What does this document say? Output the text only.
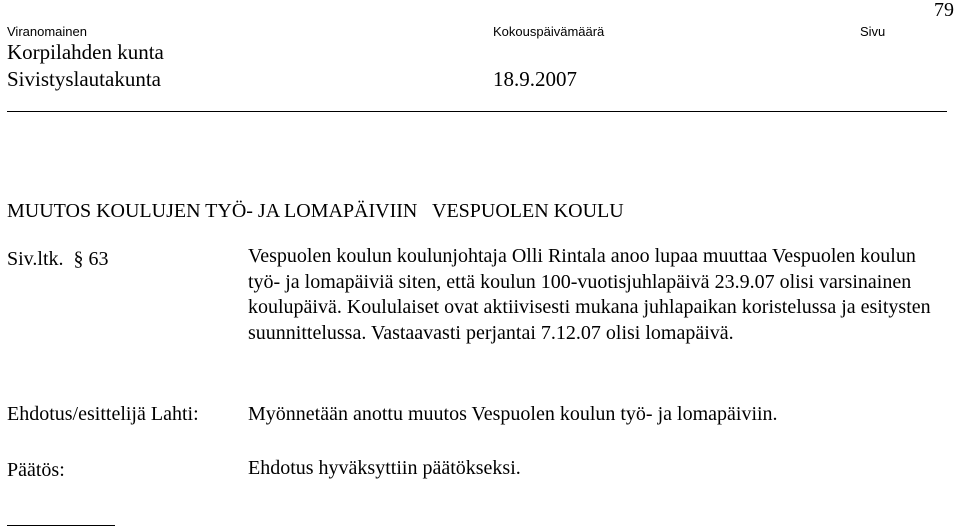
79
Viranomainen	Kokouspäivämäärä	Sivu
Korpilahden kunta
Sivistyslautakunta	18.9.2007
MUUTOS KOULUJEN TYÖ- JA LOMAPÄIVIIN   VESPUOLEN KOULU
Siv.ltk.  § 63	Vespuolen koulun koulunjohtaja Olli Rintala anoo lupaa muuttaa Vespuolen koulun työ- ja lomapäiviä siten, että koulun 100-vuotisjuhlapäivä 23.9.07 olisi varsinainen koulupäivä. Koululaiset ovat aktiivisesti mukana juhlapaikan koristelussa ja esitysten suunnittelussa. Vastaavasti perjantai 7.12.07 olisi lomapäivä.
Ehdotus/esittelijä Lahti: Myönnetään anottu muutos Vespuolen koulun työ- ja lomapäiviin.
Päätös:	Ehdotus hyväksyttiin päätökseksi.
